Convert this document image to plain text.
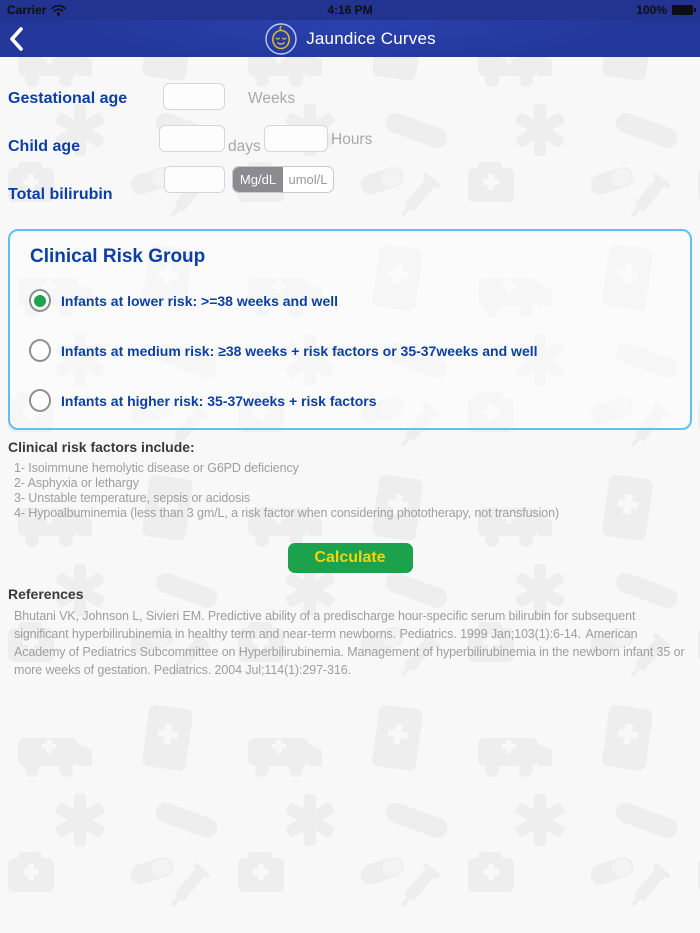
Carrier	4:16 PM	100%
Jaundice Curves
Gestational age	Weeks
Child age	days	Hours
Total bilirubin
Mg/dL umol/L
Clinical Risk Group
Infants at lower risk: >=38 weeks and well
Infants at medium risk: ≥38 weeks + risk factors or 35-37weeks and well
Infants at higher risk: 35-37weeks + risk factors
Clinical risk factors include:
1- Isoimmune hemolytic disease or G6PD deficiency
2- Asphyxia or lethargy
3- Unstable temperature, sepsis or acidosis
4- Hypoalbuminemia (less than 3 gm/L, a risk factor when considering phototherapy, not transfusion)
Calculate
References
Bhutani VK, Johnson L, Sivieri EM. Predictive ability of a predischarge hour-specific serum bilirubin for subsequent significant hyperbilirubinemia in healthy term and near-term newborns. Pediatrics. 1999 Jan;103(1):6-14. American Academy of Pediatrics Subcommittee on Hyperbilirubinemia. Management of hyperbilirubinemia in the newborn infant 35 or more weeks of gestation. Pediatrics. 2004 Jul;114(1):297-316.
